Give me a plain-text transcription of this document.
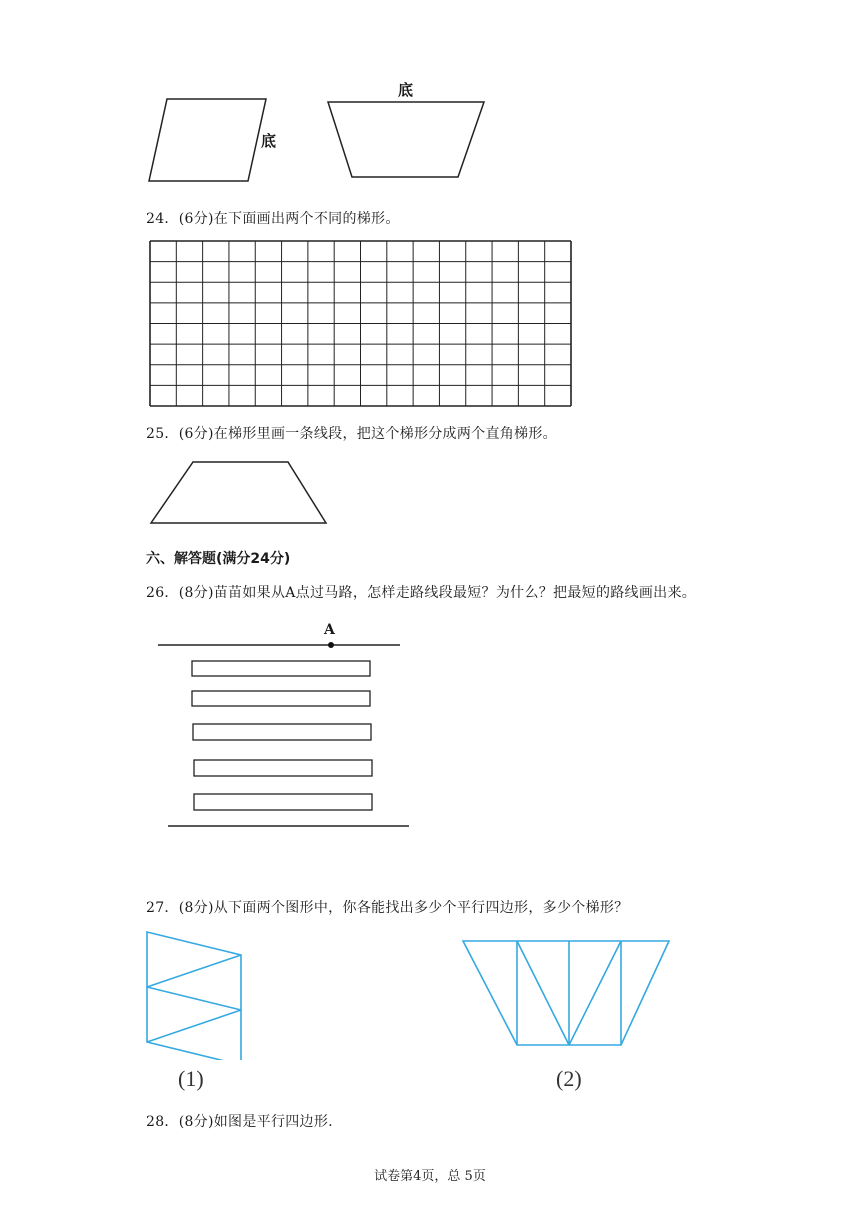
底
底
24．(6分)在下面画出两个不同的梯形。
25．(6分)在梯形里画一条线段，把这个梯形分成两个直角梯形。
六、解答题(满分24分)
26．(8分)苗苗如果从A点过马路，怎样走路线段最短？为什么？把最短的路线画出来。
A
27．(8分)从下面两个图形中，你各能找出多少个平行四边形，多少个梯形？
(1)	(2)
28．(8分)如图是平行四边形.
试卷第4页，总 5页
